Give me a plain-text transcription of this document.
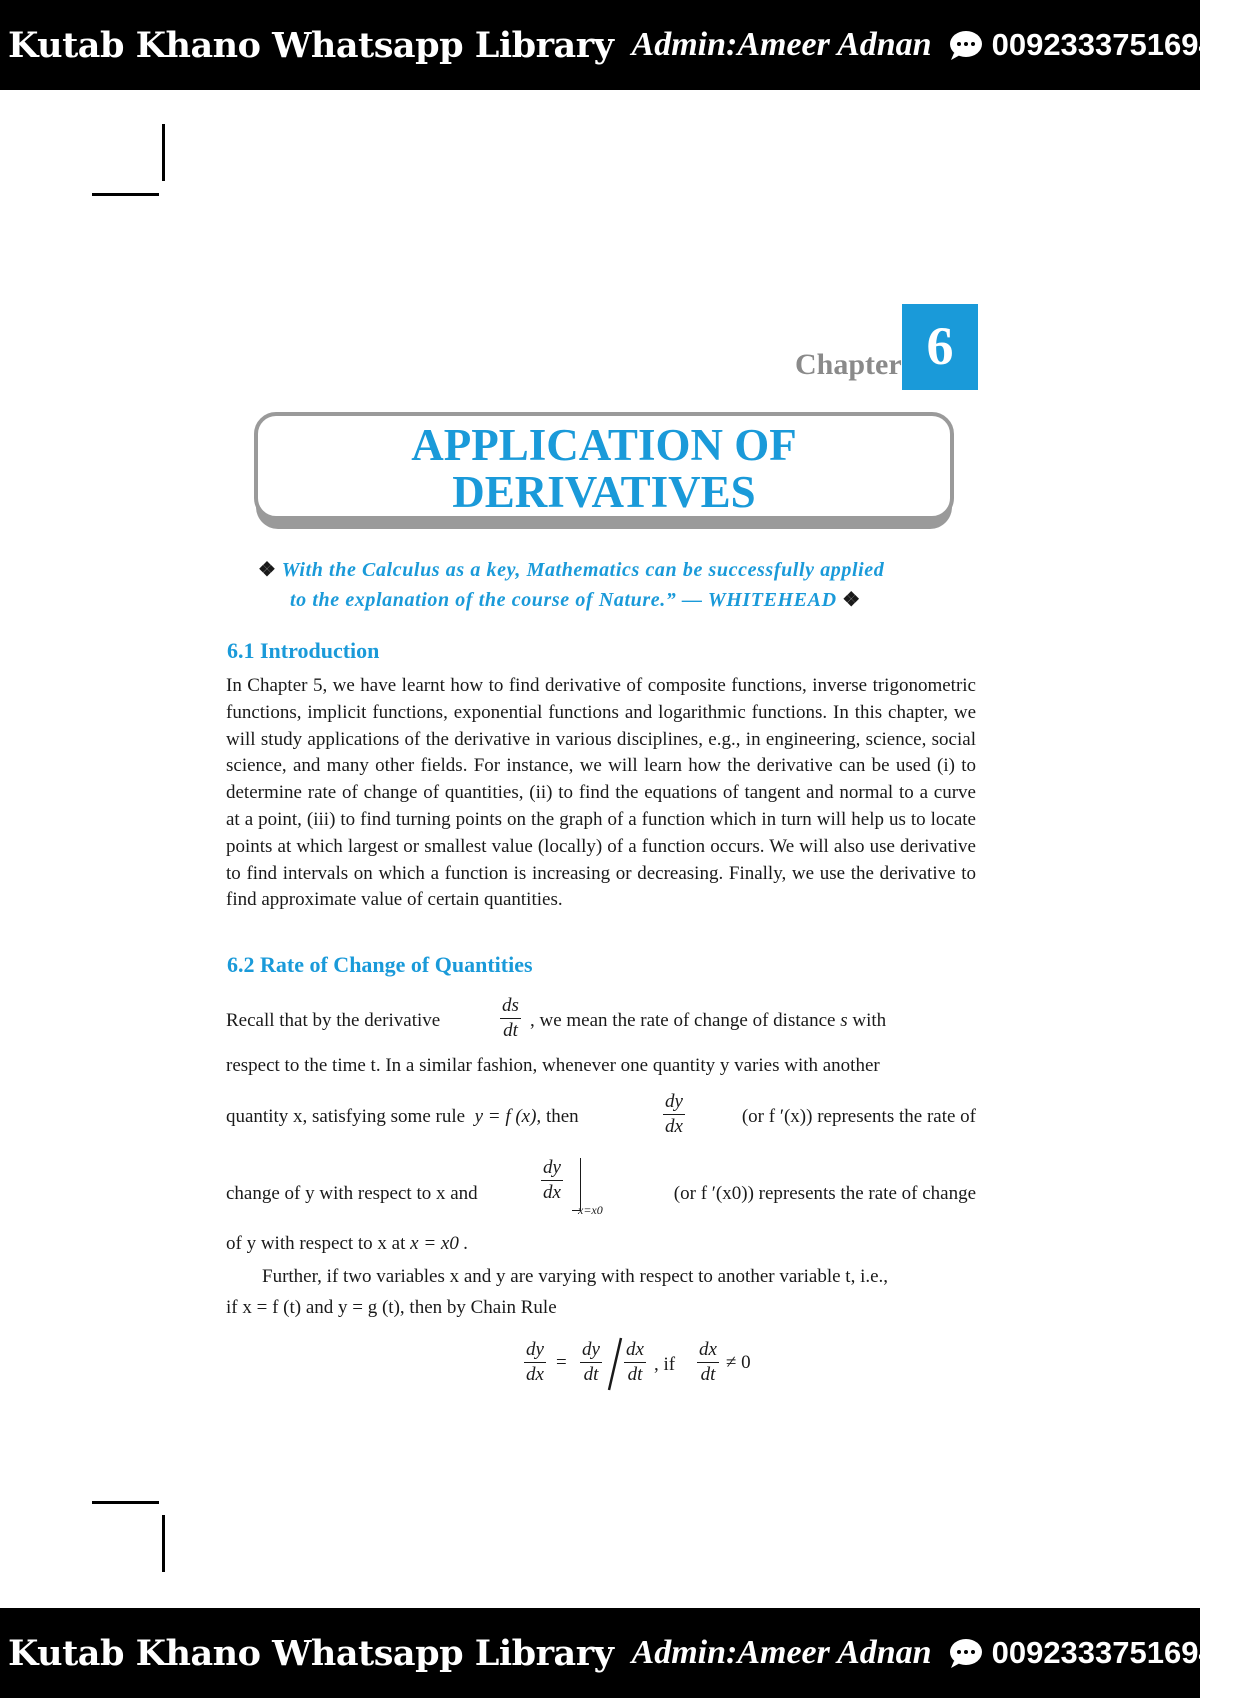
Kutab Khano Whatsapp Library Admin:Ameer Adnan 00923337516944
Chapter 6
APPLICATION OF
DERIVATIVES
❖ With the Calculus as a key, Mathematics can be successfully applied
to the explanation of the course of Nature.” — WHITEHEAD ❖
6.1 Introduction
In Chapter 5, we have learnt how to find derivative of composite functions, inverse trigonometric functions, implicit functions, exponential functions and logarithmic functions. In this chapter, we will study applications of the derivative in various disciplines, e.g., in engineering, science, social science, and many other fields. For instance, we will learn how the derivative can be used (i) to determine rate of change of quantities, (ii) to find the equations of tangent and normal to a curve at a point, (iii) to find turning points on the graph of a function which in turn will help us to locate points at which largest or smallest value (locally) of a function occurs. We will also use derivative to find intervals on which a function is increasing or decreasing. Finally, we use the derivative to find approximate value of certain quantities.
6.2 Rate of Change of Quantities
Recall that by the derivative	$\frac{ds}{dt}$ , we mean the rate of change of distance s with
respect to the time t. In a similar fashion, whenever one quantity y varies with another
quantity x, satisfying some rule y = f (x), then	$\frac{dy}{dx}$	(or f ′(x)) represents the rate of
change of y with respect to x and	$\frac{dy}{dx}$
x=x0
(or f ′(x0)) represents the rate of change
of y with respect to x at x = x0 .
Further, if two variables x and y are varying with respect to another variable t, i.e.,
if x = f (t) and y = g (t), then by Chain Rule
$\frac{dy}{dx} = \frac{dy}{dt} \frac{dx}{dt}$ , if $\frac{dx}{dt} \ne 0$
Kutab Khano Whatsapp Library Admin:Ameer Adnan 00923337516944
